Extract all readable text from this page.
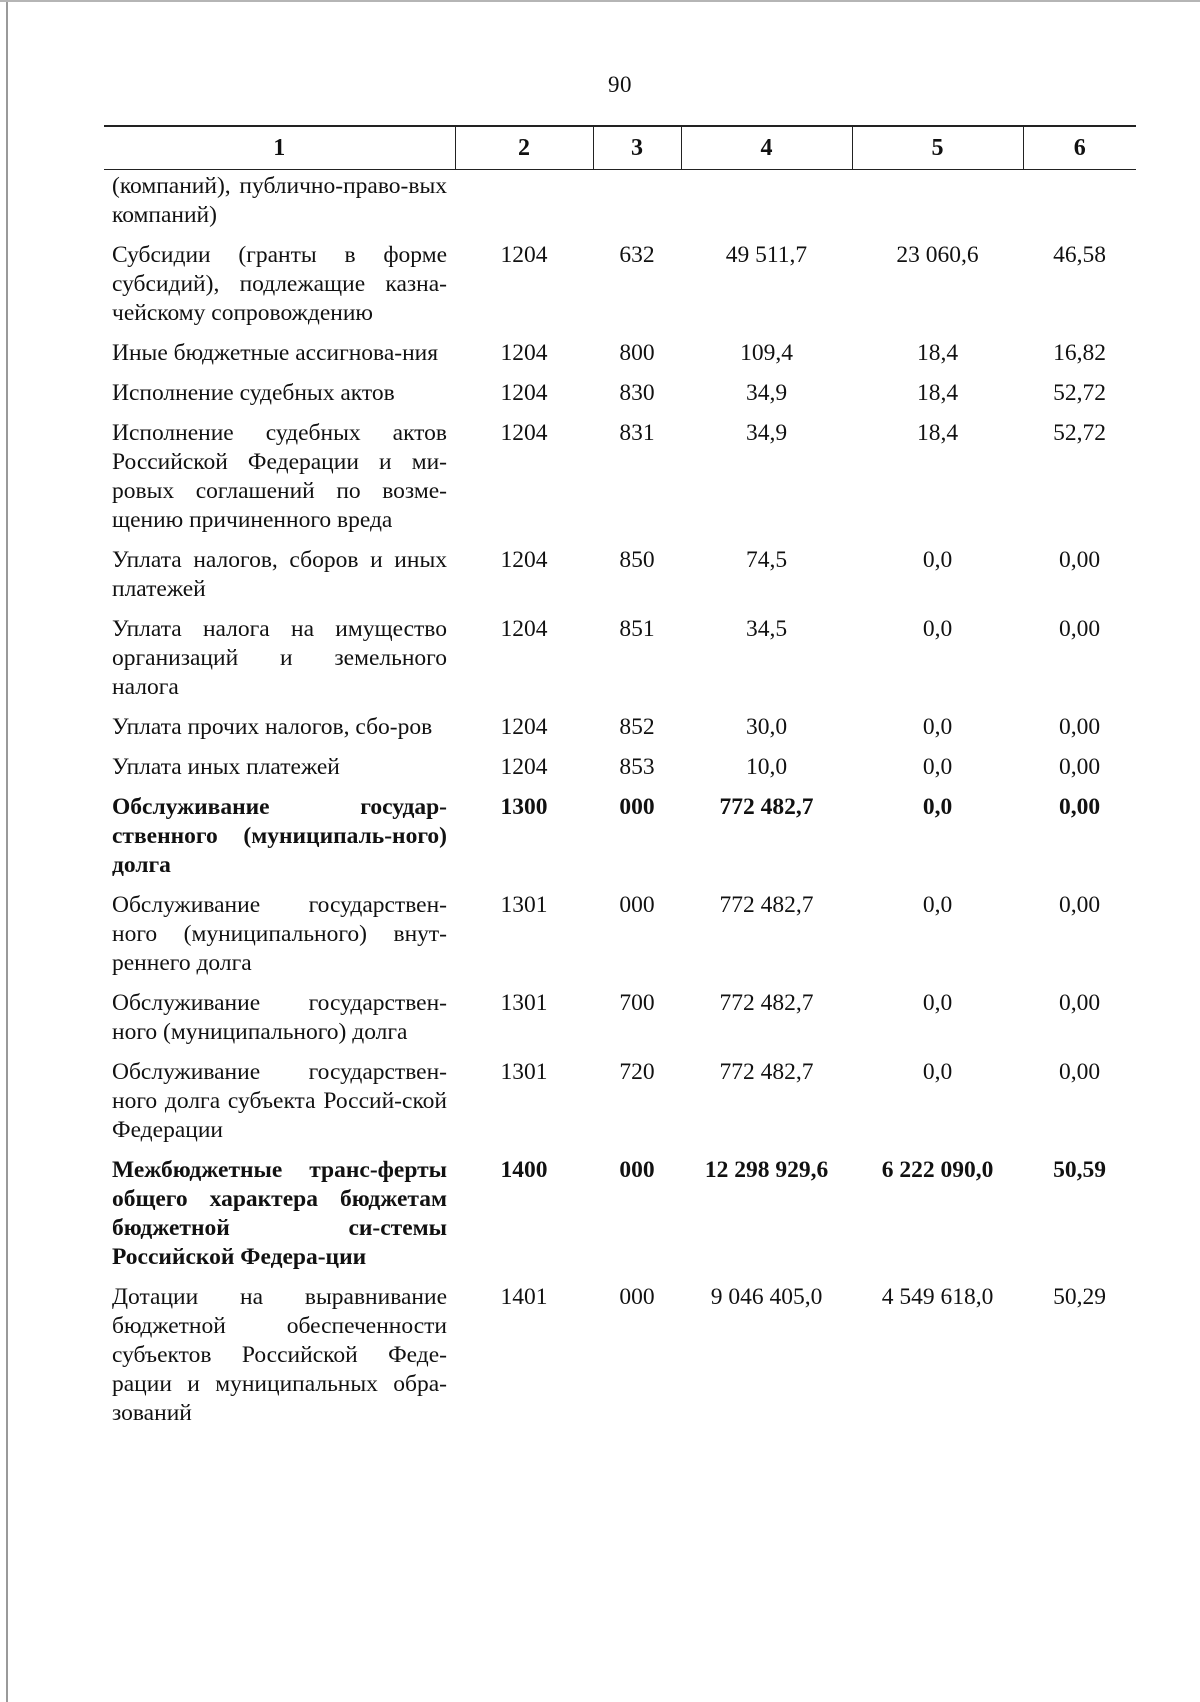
90
1	2	3	4	5	6
(компаний), публично-право-вых компаний)					
Субсидии (гранты в форме субсидий), подлежащие казна-чейскому сопровождению	1204	632	49 511,7	23 060,6	46,58
Иные бюджетные ассигнова-ния	1204	800	109,4	18,4	16,82
Исполнение судебных актов	1204	830	34,9	18,4	52,72
Исполнение судебных актов Российской Федерации и ми-ровых соглашений по возме-щению причиненного вреда	1204	831	34,9	18,4	52,72
Уплата налогов, сборов и иных платежей	1204	850	74,5	0,0	0,00
Уплата налога на имущество организаций и земельного налога	1204	851	34,5	0,0	0,00
Уплата прочих налогов, сбо-ров	1204	852	30,0	0,0	0,00
Уплата иных платежей	1204	853	10,0	0,0	0,00
Обслуживание государ-ственного (муниципаль-ного) долга	1300	000	772 482,7	0,0	0,00
Обслуживание государствен-ного (муниципального) внут-реннего долга	1301	000	772 482,7	0,0	0,00
Обслуживание государствен-ного (муниципального) долга	1301	700	772 482,7	0,0	0,00
Обслуживание государствен-ного долга субъекта Россий-ской Федерации	1301	720	772 482,7	0,0	0,00
Межбюджетные транс-ферты общего характера бюджетам бюджетной си-стемы Российской Федера-ции	1400	000	12 298 929,6	6 222 090,0	50,59
Дотации на выравнивание бюджетной обеспеченности субъектов Российской Феде-рации и муниципальных обра-зований	1401	000	9 046 405,0	4 549 618,0	50,29
